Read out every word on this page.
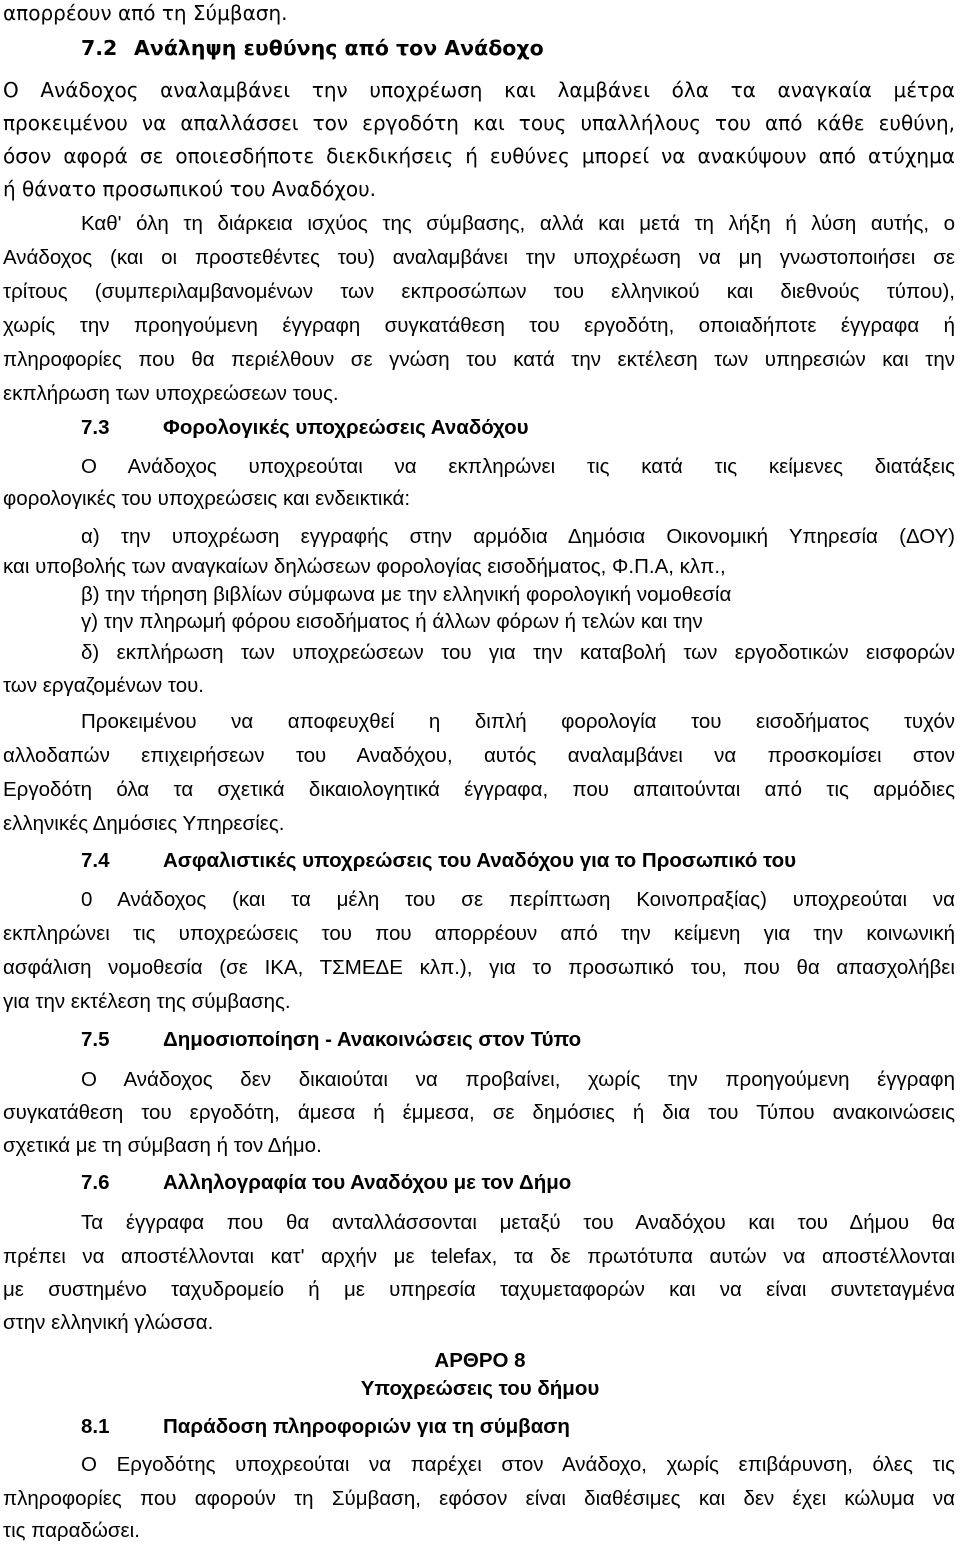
απορρέουν από τη Σύμβαση.
7.2 Ανάληψη ευθύνης από τον Ανάδοχο
Ο Ανάδοχος αναλαμβάνει την υποχρέωση και λαμβάνει όλα τα αναγκαία μέτρα
προκειμένου να απαλλάσσει τον εργοδότη και τους υπαλλήλους του από κάθε ευθύνη,
όσον αφορά σε οποιεσδήποτε διεκδικήσεις ή ευθύνες μπορεί να ανακύψουν από ατύχημα
ή θάνατο προσωπικού του Αναδόχου.
Καθ' όλη τη διάρκεια ισχύος της σύμβασης, αλλά και μετά τη λήξη ή λύση αυτής, ο
Ανάδοχος (και οι προστεθέντες του) αναλαμβάνει την υποχρέωση να μη γνωστοποιήσει σε
τρίτους (συμπεριλαμβανομένων των εκπροσώπων του ελληνικού και διεθνούς τύπου),
χωρίς την προηγούμενη έγγραφη συγκατάθεση του εργοδότη, οποιαδήποτε έγγραφα ή
πληροφορίες που θα περιέλθουν σε γνώση του κατά την εκτέλεση των υπηρεσιών και την
εκπλήρωση των υποχρεώσεων τους.
7.3	Φορολογικές υποχρεώσεις Αναδόχου
Ο Ανάδοχος υποχρεούται να εκπληρώνει τις κατά τις κείμενες διατάξεις
φορολογικές του υποχρεώσεις και ενδεικτικά:
α) την υποχρέωση εγγραφής στην αρμόδια Δημόσια Οικονομική Υπηρεσία (ΔΟΥ)
και υποβολής των αναγκαίων δηλώσεων φορολογίας εισοδήματος, Φ.Π.Α, κλπ.,
β) την τήρηση βιβλίων σύμφωνα με την ελληνική φορολογική νομοθεσία
γ) την πληρωμή φόρου εισοδήματος ή άλλων φόρων ή τελών και την
δ) εκπλήρωση των υποχρεώσεων του για την καταβολή των εργοδοτικών εισφορών
των εργαζομένων του.
Προκειμένου να αποφευχθεί η διπλή φορολογία του εισοδήματος τυχόν
αλλοδαπών επιχειρήσεων του Αναδόχου, αυτός αναλαμβάνει να προσκομίσει στον
Εργοδότη όλα τα σχετικά δικαιολογητικά έγγραφα, που απαιτούνται από τις αρμόδιες
ελληνικές Δημόσιες Υπηρεσίες.
7.4	Ασφαλιστικές υποχρεώσεις του Αναδόχου για το Προσωπικό του
0 Ανάδοχος (και τα μέλη του σε περίπτωση Κοινοπραξίας) υποχρεούται να
εκπληρώνει τις υποχρεώσεις του που απορρέουν από την κείμενη για την κοινωνική
ασφάλιση νομοθεσία (σε ΙΚΑ, ΤΣΜΕΔΕ κλπ.), για το προσωπικό του, που θα απασχολήβει
για την εκτέλεση της σύμβασης.
7.5	Δημοσιοποίηση - Ανακοινώσεις στον Τύπο
Ο Ανάδοχος δεν δικαιούται να προβαίνει, χωρίς την προηγούμενη έγγραφη
συγκατάθεση του εργοδότη, άμεσα ή έμμεσα, σε δημόσιες ή δια του Τύπου ανακοινώσεις
σχετικά με τη σύμβαση ή τον Δήμο.
7.6	Αλληλογραφία του Αναδόχου με τον Δήμο
Τα έγγραφα που θα ανταλλάσσονται μεταξύ του Αναδόχου και του Δήμου θα
πρέπει να αποστέλλονται κατ' αρχήν με telefax, τα δε πρωτότυπα αυτών να αποστέλλονται
με συστημένο ταχυδρομείο ή με υπηρεσία ταχυμεταφορών και να είναι συντεταγμένα
στην ελληνική γλώσσα.
ΑΡΘΡΟ 8
Υποχρεώσεις του δήμου
8.1	Παράδοση πληροφοριών για τη σύμβαση
Ο Εργοδότης υποχρεούται να παρέχει στον Ανάδοχο, χωρίς επιβάρυνση, όλες τις
πληροφορίες που αφορούν τη Σύμβαση, εφόσον είναι διαθέσιμες και δεν έχει κώλυμα να
τις παραδώσει.
